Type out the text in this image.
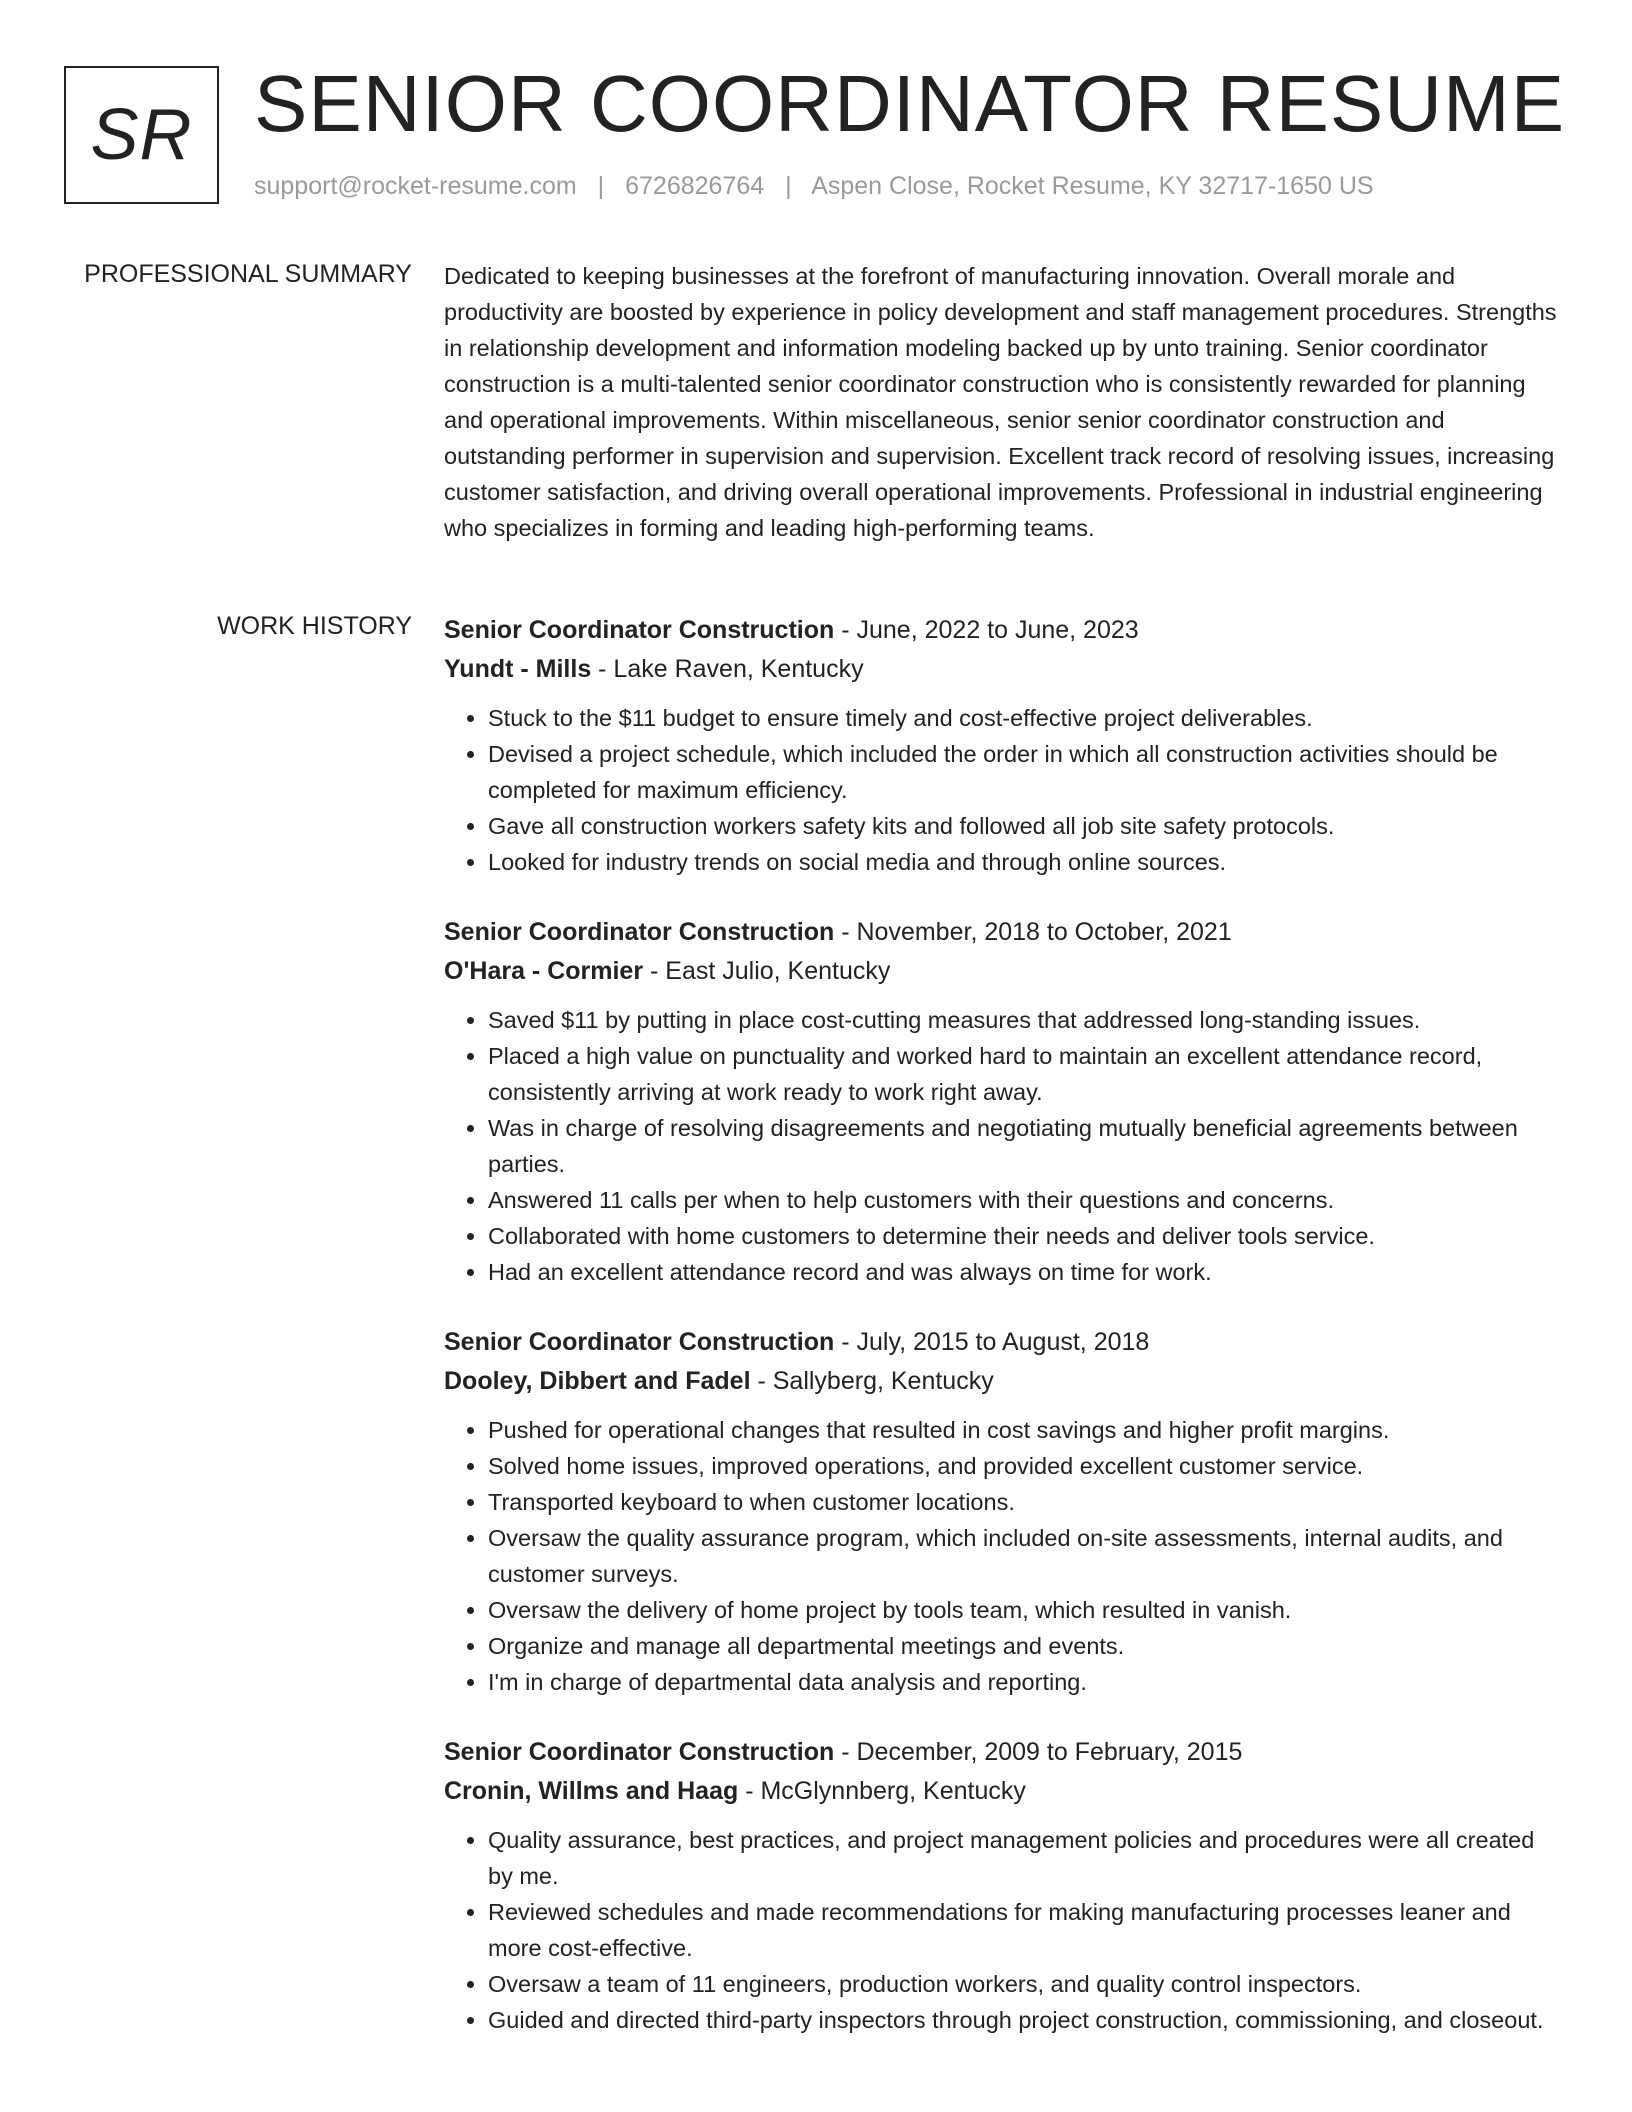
SR SENIOR COORDINATOR RESUME
support@rocket-resume.com | 6726826764 | Aspen Close, Rocket Resume, KY 32717-1650 US
PROFESSIONAL SUMMARY Dedicated to keeping businesses at the forefront of manufacturing innovation. Overall morale and productivity are boosted by experience in policy development and staff management procedures. Strengths in relationship development and information modeling backed up by unto training. Senior coordinator construction is a multi-talented senior coordinator construction who is consistently rewarded for planning and operational improvements. Within miscellaneous, senior senior coordinator construction and outstanding performer in supervision and supervision. Excellent track record of resolving issues, increasing customer satisfaction, and driving overall operational improvements. Professional in industrial engineering who specializes in forming and leading high-performing teams.
WORK HISTORY Senior Coordinator Construction - June, 2022 to June, 2023
Yundt - Mills - Lake Raven, Kentucky
• Stuck to the $11 budget to ensure timely and cost-effective project deliverables.
• Devised a project schedule, which included the order in which all construction activities should be completed for maximum efficiency.
• Gave all construction workers safety kits and followed all job site safety protocols.
• Looked for industry trends on social media and through online sources.
Senior Coordinator Construction - November, 2018 to October, 2021
O'Hara - Cormier - East Julio, Kentucky
• Saved $11 by putting in place cost-cutting measures that addressed long-standing issues.
• Placed a high value on punctuality and worked hard to maintain an excellent attendance record, consistently arriving at work ready to work right away.
• Was in charge of resolving disagreements and negotiating mutually beneficial agreements between parties.
• Answered 11 calls per when to help customers with their questions and concerns.
• Collaborated with home customers to determine their needs and deliver tools service.
• Had an excellent attendance record and was always on time for work.
Senior Coordinator Construction - July, 2015 to August, 2018
Dooley, Dibbert and Fadel - Sallyberg, Kentucky
• Pushed for operational changes that resulted in cost savings and higher profit margins.
• Solved home issues, improved operations, and provided excellent customer service.
• Transported keyboard to when customer locations.
• Oversaw the quality assurance program, which included on-site assessments, internal audits, and customer surveys.
• Oversaw the delivery of home project by tools team, which resulted in vanish.
• Organize and manage all departmental meetings and events.
• I'm in charge of departmental data analysis and reporting.
Senior Coordinator Construction - December, 2009 to February, 2015
Cronin, Willms and Haag - McGlynnberg, Kentucky
• Quality assurance, best practices, and project management policies and procedures were all created by me.
• Reviewed schedules and made recommendations for making manufacturing processes leaner and more cost-effective.
• Oversaw a team of 11 engineers, production workers, and quality control inspectors.
• Guided and directed third-party inspectors through project construction, commissioning, and closeout.
